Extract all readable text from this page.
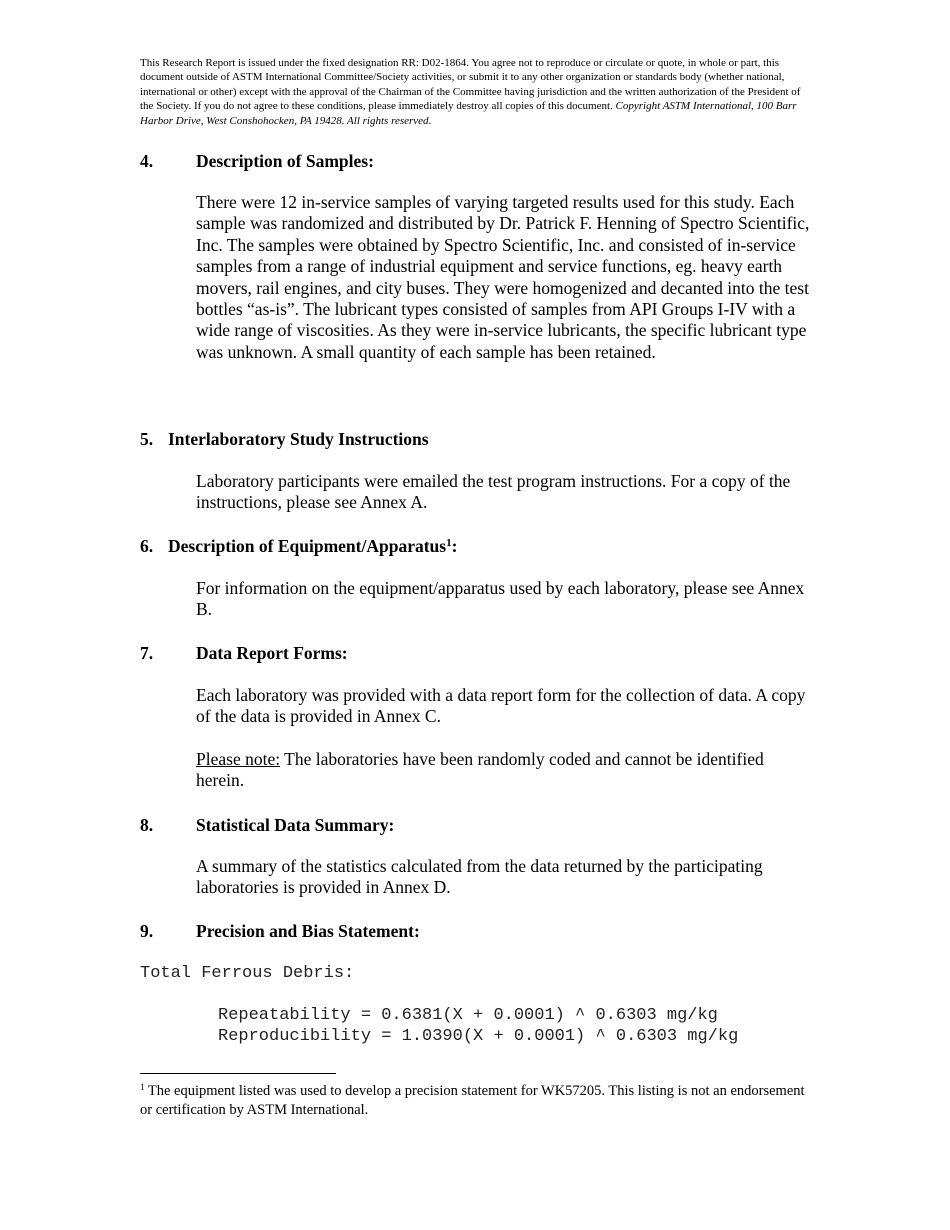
This Research Report is issued under the fixed designation RR: D02-1864. You agree not to reproduce or circulate or quote, in whole or part, this document outside of ASTM International Committee/Society activities, or submit it to any other organization or standards body (whether national, international or other) except with the approval of the Chairman of the Committee having jurisdiction and the written authorization of the President of the Society. If you do not agree to these conditions, please immediately destroy all copies of this document. Copyright ASTM International, 100 Barr Harbor Drive, West Conshohocken, PA 19428. All rights reserved.
4. Description of Samples:
There were 12 in-service samples of varying targeted results used for this study. Each sample was randomized and distributed by Dr. Patrick F. Henning of Spectro Scientific, Inc. The samples were obtained by Spectro Scientific, Inc. and consisted of in-service samples from a range of industrial equipment and service functions, eg. heavy earth movers, rail engines, and city buses. They were homogenized and decanted into the test bottles “as-is”. The lubricant types consisted of samples from API Groups I-IV with a wide range of viscosities. As they were in-service lubricants, the specific lubricant type was unknown. A small quantity of each sample has been retained.
5. Interlaboratory Study Instructions
Laboratory participants were emailed the test program instructions. For a copy of the instructions, please see Annex A.
6. Description of Equipment/Apparatus$^1$:
For information on the equipment/apparatus used by each laboratory, please see Annex B.
7. Data Report Forms:
Each laboratory was provided with a data report form for the collection of data. A copy of the data is provided in Annex C.
Please note: The laboratories have been randomly coded and cannot be identified herein.
8. Statistical Data Summary:
A summary of the statistics calculated from the data returned by the participating laboratories is provided in Annex D.
9. Precision and Bias Statement:
Total Ferrous Debris:
Repeatability = 0.6381(X + 0.0001) ^ 0.6303 mg/kg
Reproducibility = 1.0390(X + 0.0001) ^ 0.6303 mg/kg
$^1$ The equipment listed was used to develop a precision statement for WK57205. This listing is not an endorsement or certification by ASTM International.
